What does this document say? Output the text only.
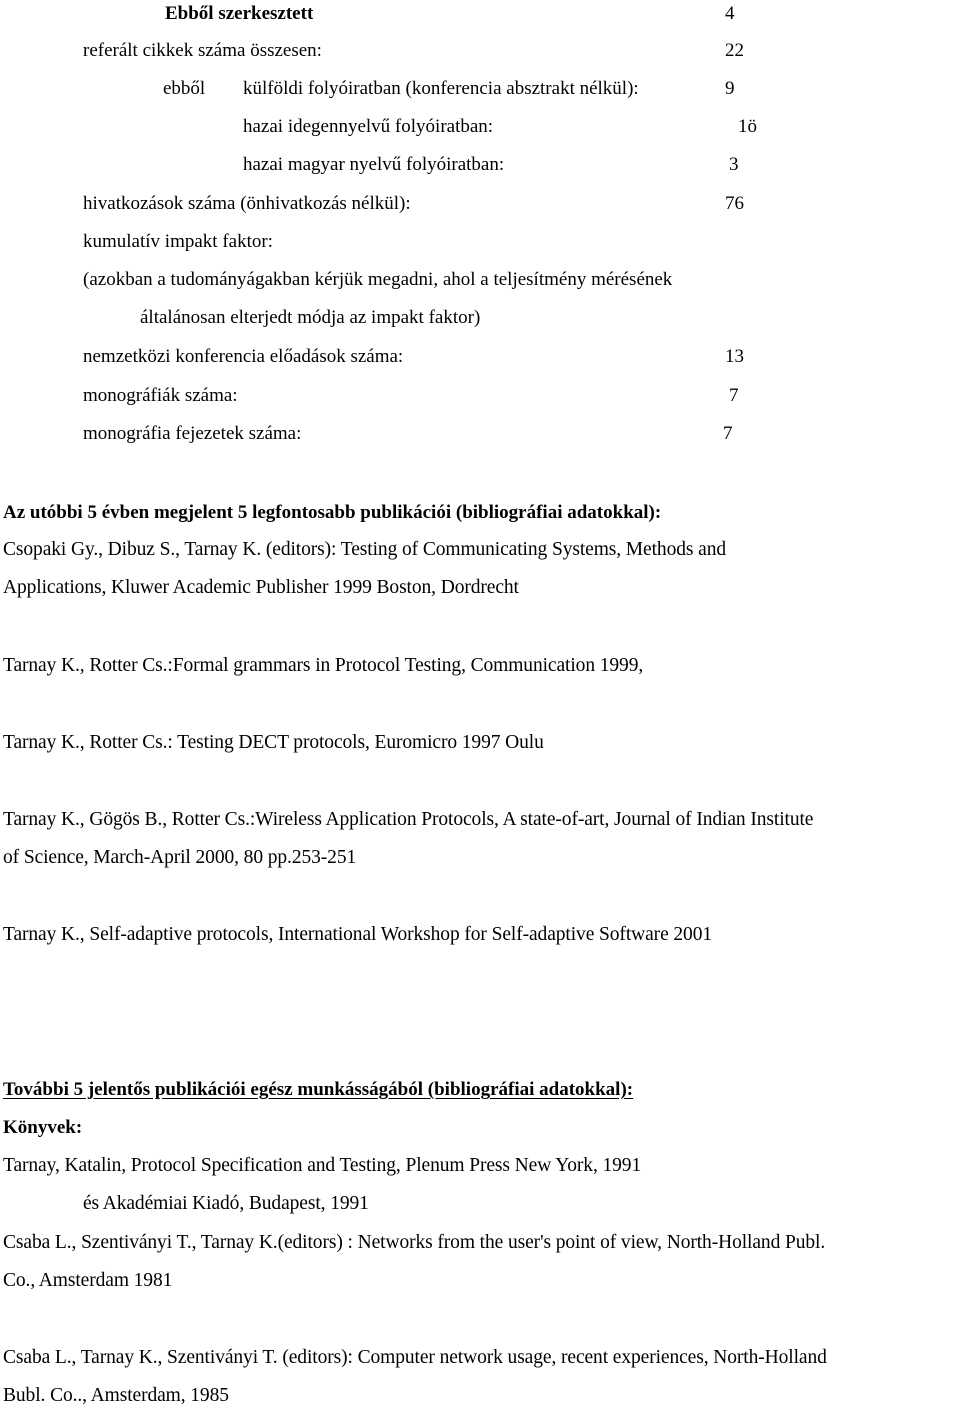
Ebből szerkesztett	4
referált cikkek száma összesen:	22
ebből külföldi folyóiratban (konferencia absztrakt nélkül):	9
hazai idegennyelvű folyóiratban:	1ö
hazai magyar nyelvű folyóiratban:	3
hivatkozások száma (önhivatkozás nélkül):	76
kumulatív impakt faktor:
(azokban a tudományágakban kérjük megadni, ahol a teljesítmény mérésének
általánosan elterjedt módja az impakt faktor)
nemzetközi konferencia előadások száma:	13
monográfiák száma:	7
monográfia fejezetek száma:	7
Az utóbbi 5 évben megjelent 5 legfontosabb publikációi (bibliográfiai adatokkal):
Csopaki Gy., Dibuz S., Tarnay K. (editors): Testing of Communicating Systems, Methods and
Applications, Kluwer Academic Publisher 1999 Boston, Dordrecht
Tarnay K., Rotter Cs.:Formal grammars in Protocol Testing, Communication 1999,
Tarnay K., Rotter Cs.: Testing DECT protocols, Euromicro 1997 Oulu
Tarnay K., Gögös B., Rotter Cs.:Wireless Application Protocols, A state-of-art, Journal of Indian Institute
of Science, March-April 2000, 80 pp.253-251
Tarnay K., Self-adaptive protocols, International Workshop for Self-adaptive Software 2001
További 5 jelentős publikációi egész munkásságából (bibliográfiai adatokkal):
Könyvek:
Tarnay, Katalin, Protocol Specification and Testing, Plenum Press New York, 1991
és Akadémiai Kiadó, Budapest, 1991
Csaba L., Szentiványi T., Tarnay K.(editors) : Networks from the user's point of view, North-Holland Publ.
Co., Amsterdam 1981
Csaba L., Tarnay K., Szentiványi T. (editors): Computer network usage, recent experiences, North-Holland
Bubl. Co.., Amsterdam, 1985
